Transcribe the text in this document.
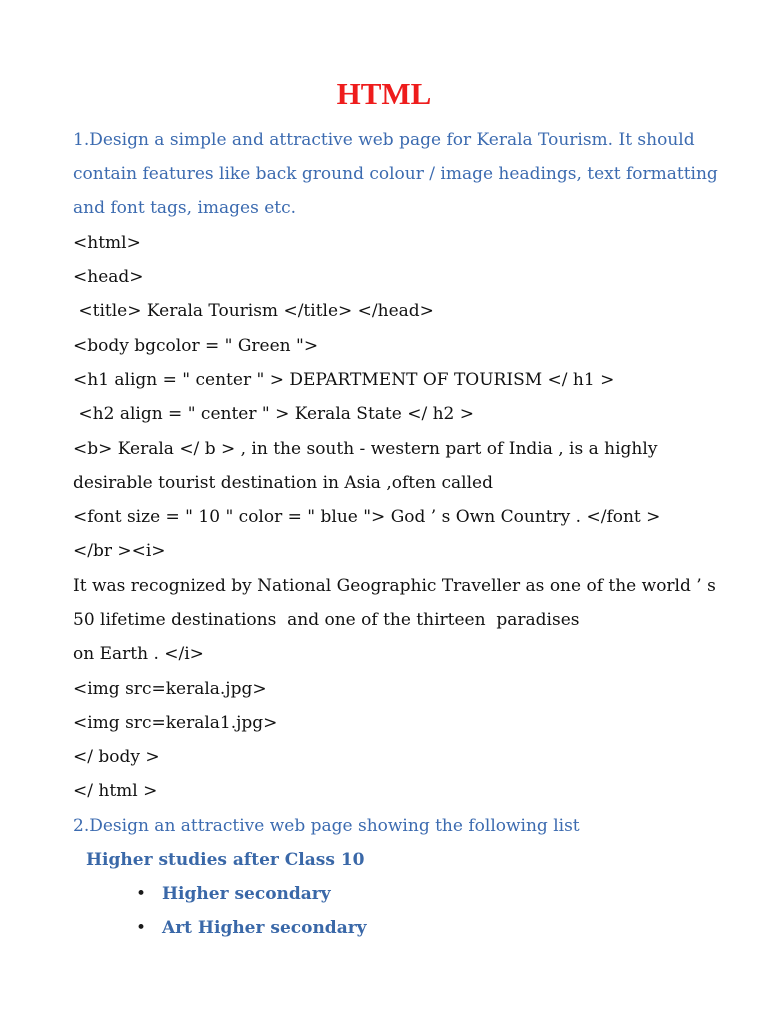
HTML

1.Design a simple and attractive web page for Kerala Tourism. It should

contain features like back ground colour / image headings, text formatting

and font tags, images etc.

<html>

<head>

<title> Kerala Tourism </title> </head>

<body bgcolor = " Green ">

<h1 align = " center " > DEPARTMENT OF TOURISM </ h1 >

<h2 align = " center " > Kerala State </ h2 >

<b> Kerala </ b > , in the south - western part of India , is a highly

desirable tourist destination in Asia ,often called

<font size = " 10 " color = " blue "> God ’ s Own Country . </font >

</br ><i>

It was recognized by National Geographic Traveller as one of the world ’ s

50 lifetime destinations  and one of the thirteen  paradises

on Earth . </i>

<img src=kerala.jpg>

<img src=kerala1.jpg>

</ body >

</ html >

2.Design an attractive web page showing the following list

Higher studies after Class 10

• Higher secondary
• Art Higher secondary
